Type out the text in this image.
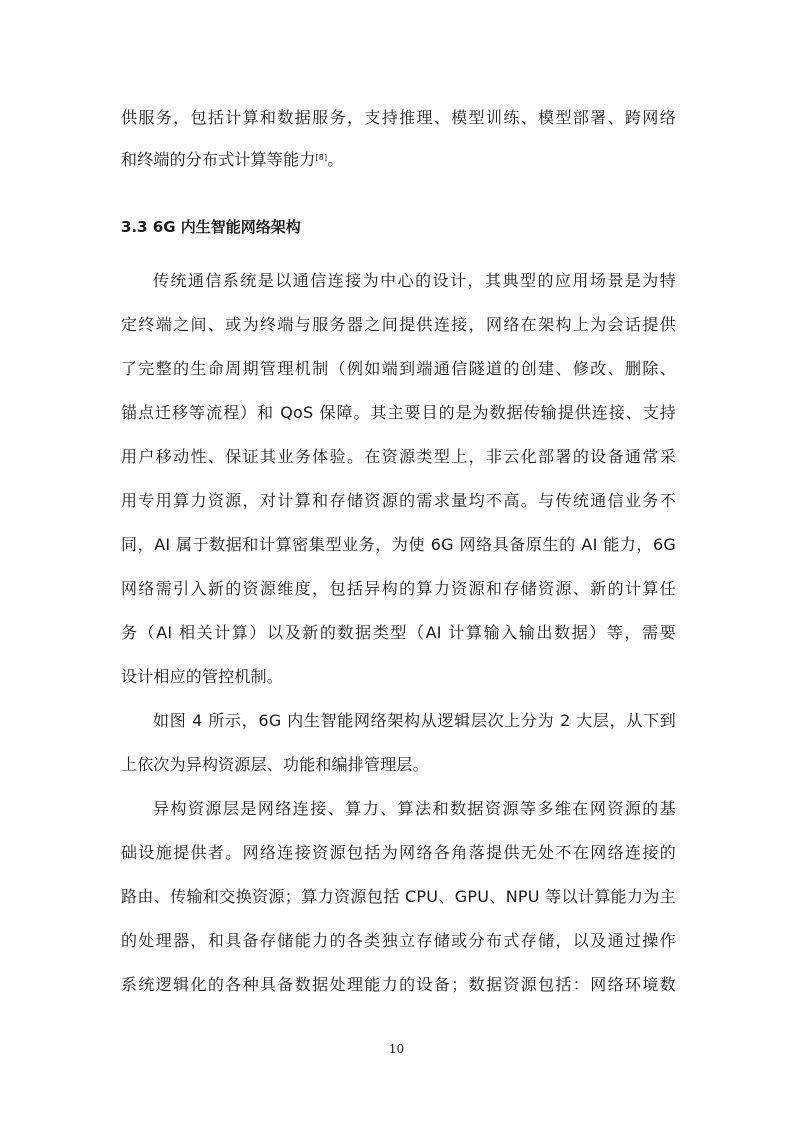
供服务，包括计算和数据服务，支持推理、模型训练、模型部署、跨网络
和终端的分布式计算等能力[8]。
3.3 6G 内生智能网络架构
传统通信系统是以通信连接为中心的设计，其典型的应用场景是为特
定终端之间、或为终端与服务器之间提供连接，网络在架构上为会话提供
了完整的生命周期管理机制（例如端到端通信隧道的创建、修改、删除、
锚点迁移等流程）和 QoS 保障。其主要目的是为数据传输提供连接、支持
用户移动性、保证其业务体验。在资源类型上，非云化部署的设备通常采
用专用算力资源，对计算和存储资源的需求量均不高。与传统通信业务不
同，AI 属于数据和计算密集型业务，为使 6G 网络具备原生的 AI 能力，6G
网络需引入新的资源维度，包括异构的算力资源和存储资源、新的计算任
务（AI 相关计算）以及新的数据类型（AI 计算输入输出数据）等，需要
设计相应的管控机制。
如图 4 所示，6G 内生智能网络架构从逻辑层次上分为 2 大层，从下到
上依次为异构资源层、功能和编排管理层。
异构资源层是网络连接、算力、算法和数据资源等多维在网资源的基
础设施提供者。网络连接资源包括为网络各角落提供无处不在网络连接的
路由、传输和交换资源；算力资源包括 CPU、GPU、NPU 等以计算能力为主
的处理器，和具备存储能力的各类独立存储或分布式存储，以及通过操作
系统逻辑化的各种具备数据处理能力的设备；数据资源包括：网络环境数
10
